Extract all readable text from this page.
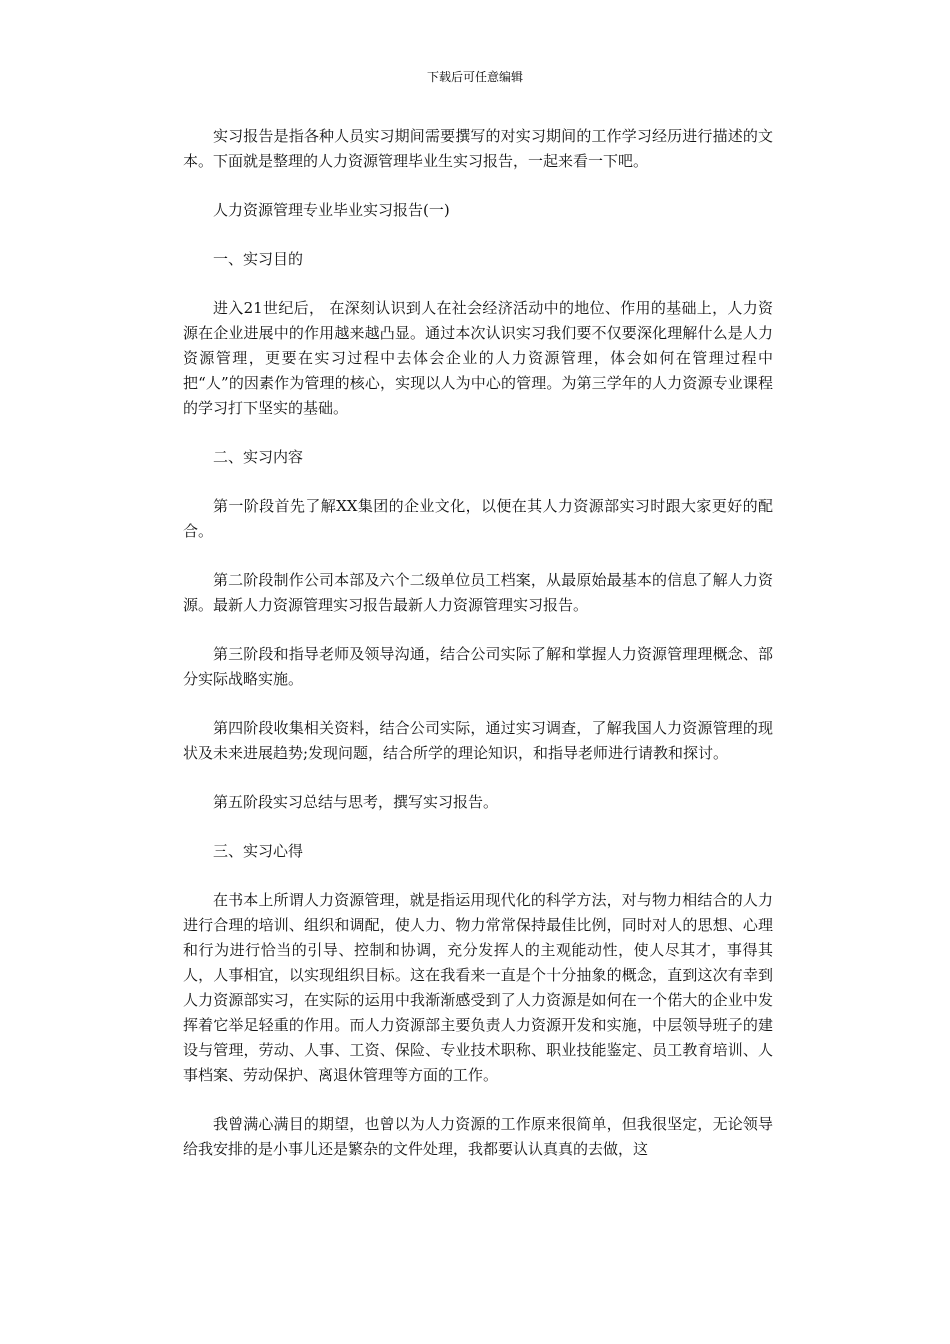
下载后可任意编辑

实习报告是指各种人员实习期间需要撰写的对实习期间的工作学习经历进行描述的文本。下面就是整理的人力资源管理毕业生实习报告，一起来看一下吧。

人力资源管理专业毕业实习报告(一)

一、实习目的

进入21世纪后， 在深刻认识到人在社会经济活动中的地位、作用的基础上，人力资源在企业进展中的作用越来越凸显。通过本次认识实习我们要不仅要深化理解什么是人力资源管理，更要在实习过程中去体会企业的人力资源管理，体会如何在管理过程中把“人”的因素作为管理的核心，实现以人为中心的管理。为第三学年的人力资源专业课程的学习打下坚实的基础。

二、实习内容

第一阶段首先了解XX集团的企业文化，以便在其人力资源部实习时跟大家更好的配合。

第二阶段制作公司本部及六个二级单位员工档案，从最原始最基本的信息了解人力资源。最新人力资源管理实习报告最新人力资源管理实习报告。

第三阶段和指导老师及领导沟通，结合公司实际了解和掌握人力资源管理理概念、部分实际战略实施。

第四阶段收集相关资料，结合公司实际，通过实习调查，了解我国人力资源管理的现状及未来进展趋势;发现问题，结合所学的理论知识，和指导老师进行请教和探讨。

第五阶段实习总结与思考，撰写实习报告。

三、实习心得

在书本上所谓人力资源管理，就是指运用现代化的科学方法，对与物力相结合的人力进行合理的培训、组织和调配，使人力、物力常常保持最佳比例，同时对人的思想、心理和行为进行恰当的引导、控制和协调，充分发挥人的主观能动性，使人尽其才，事得其人，人事相宜，以实现组织目标。这在我看来一直是个十分抽象的概念，直到这次有幸到人力资源部实习，在实际的运用中我渐渐感受到了人力资源是如何在一个偌大的企业中发挥着它举足轻重的作用。而人力资源部主要负责人力资源开发和实施，中层领导班子的建设与管理，劳动、人事、工资、保险、专业技术职称、职业技能鉴定、员工教育培训、人事档案、劳动保护、离退休管理等方面的工作。

我曾满心满目的期望，也曾以为人力资源的工作原来很简单，但我很坚定，无论领导给我安排的是小事儿还是繁杂的文件处理，我都要认认真真的去做，这
